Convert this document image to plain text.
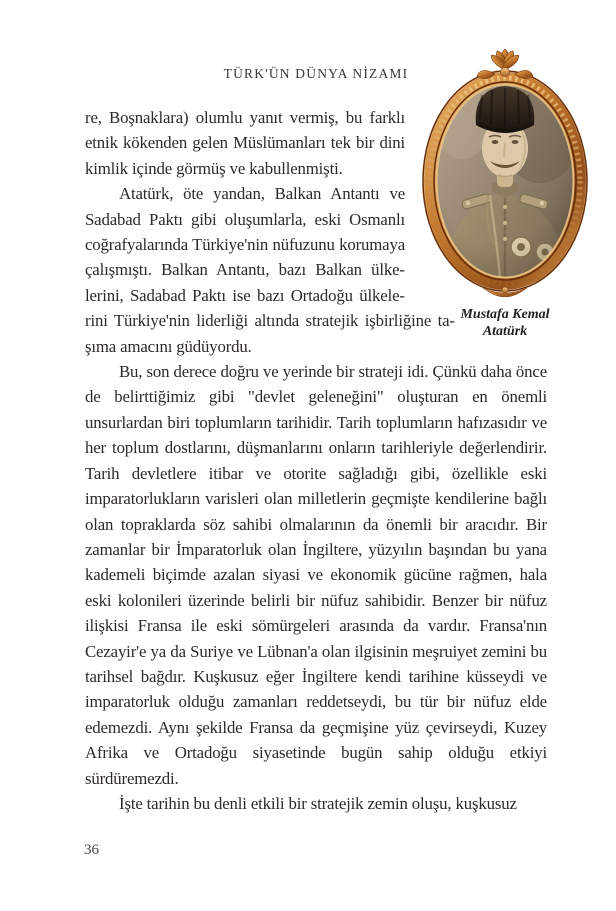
TÜRK'ÜN DÜNYA NİZAMI
Mustafa Kemal
Atatürk

re, Boşnaklara) olumlu yanıt vermiş, bu farklı etnik kökenden gelen Müslümanları tek bir dini kimlik içinde görmüş ve kabullenmişti.

Atatürk, öte yandan, Balkan Antantı ve Sadabad Paktı gibi oluşumlarla, eski Osmanlı coğrafyalarında Türkiye'nin nüfuzunu korumaya çalışmıştı. Balkan Antantı, bazı Balkan ülkelerini, Sadabad Paktı ise bazı Ortadoğu ülkelerini Türkiye'nin liderliği altında stratejik işbirliğine taşıma amacını güdüyordu.

Bu, son derece doğru ve yerinde bir strateji idi. Çünkü daha önce de belirttiğimiz gibi "devlet geleneğini" oluşturan en önemli unsurlardan biri toplumların tarihidir. Tarih toplumların hafızasıdır ve her toplum dostlarını, düşmanlarını onların tarihleriyle değerlendirir. Tarih devletlere itibar ve otorite sağladığı gibi, özellikle eski imparatorlukların varisleri olan milletlerin geçmişte kendilerine bağlı olan topraklarda söz sahibi olmalarının da önemli bir aracıdır. Bir zamanlar bir İmparatorluk olan İngiltere, yüzyılın başından bu yana kademeli biçimde azalan siyasi ve ekonomik gücüne rağmen, hala eski kolonileri üzerinde belirli bir nüfuz sahibidir. Benzer bir nüfuz ilişkisi Fransa ile eski sömürgeleri arasında da vardır. Fransa'nın Cezayir'e ya da Suriye ve Lübnan'a olan ilgisinin meşruiyet zemini bu tarihsel bağdır. Kuşkusuz eğer İngiltere kendi tarihine küsseydi ve imparatorluk olduğu zamanları reddetseydi, bu tür bir nüfuz elde edemezdi. Aynı şekilde Fransa da geçmişine yüz çevirseydi, Kuzey Afrika ve Ortadoğu siyasetinde bugün sahip olduğu etkiyi sürdüremezdi.

İşte tarihin bu denli etkili bir stratejik zemin oluşu, kuşkusuz

36
